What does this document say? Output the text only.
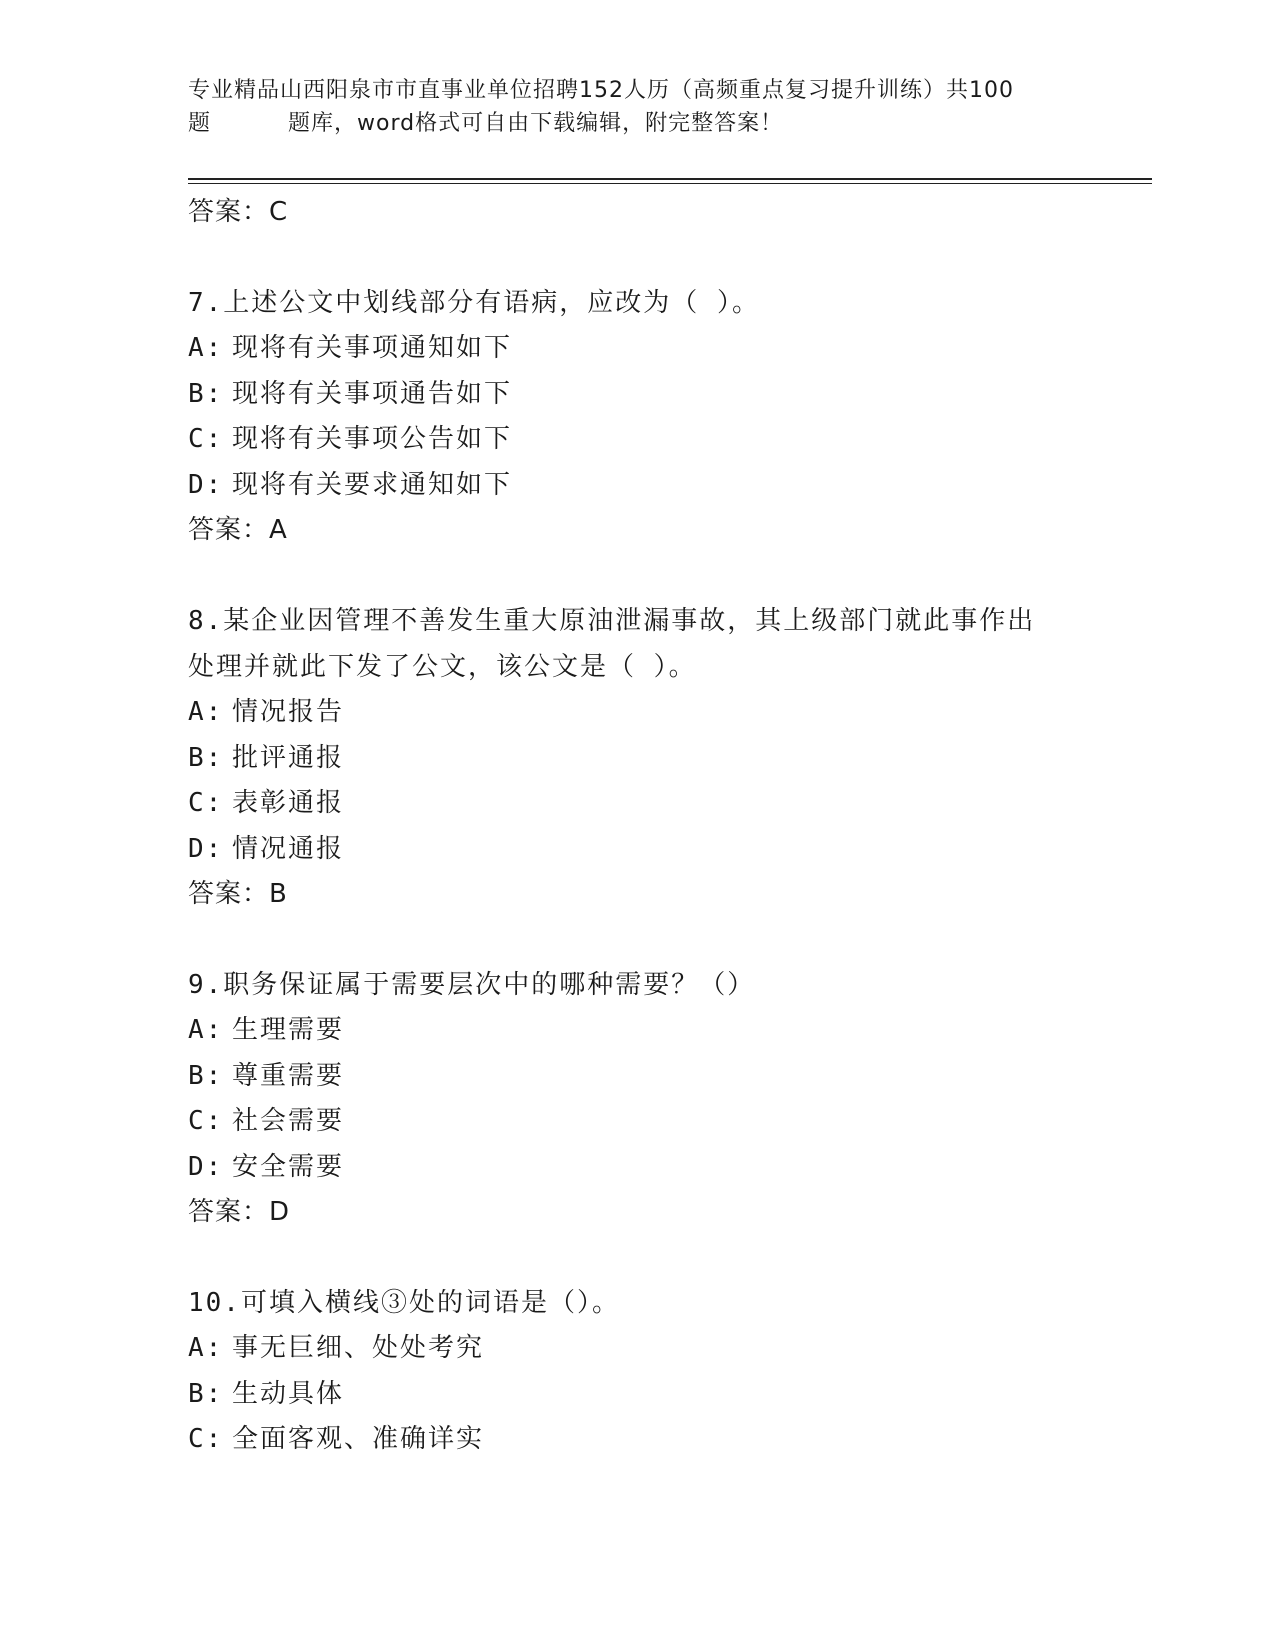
专业精品山西阳泉市市直事业单位招聘152人历（高频重点复习提升训练）共100
题	题库，word格式可自由下载编辑，附完整答案！
答案：C
7.上述公文中划线部分有语病，应改为（ ）。
A: 现将有关事项通知如下
B: 现将有关事项通告如下
C: 现将有关事项公告如下
D: 现将有关要求通知如下
答案：A
8.某企业因管理不善发生重大原油泄漏事故，其上级部门就此事作出
处理并就此下发了公文，该公文是（ ）。
A: 情况报告
B: 批评通报
C: 表彰通报
D: 情况通报
答案：B
9.职务保证属于需要层次中的哪种需要？（）
A: 生理需要
B: 尊重需要
C: 社会需要
D: 安全需要
答案：D
10.可填入横线③处的词语是（）。
A: 事无巨细、处处考究
B: 生动具体
C: 全面客观、准确详实
